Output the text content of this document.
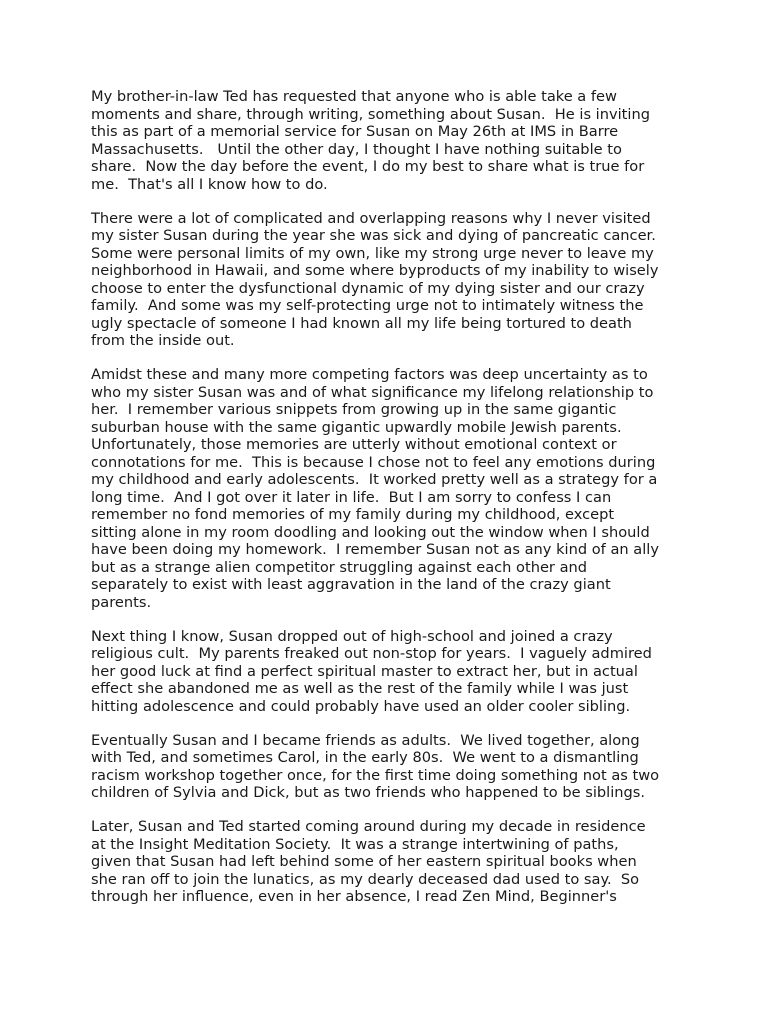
My brother-in-law Ted has requested that anyone who is able take a few
moments and share, through writing, something about Susan.  He is inviting
this as part of a memorial service for Susan on May 26th at IMS in Barre
Massachusetts.   Until the other day, I thought I have nothing suitable to
share.  Now the day before the event, I do my best to share what is true for
me.  That's all I know how to do.

There were a lot of complicated and overlapping reasons why I never visited
my sister Susan during the year she was sick and dying of pancreatic cancer.
Some were personal limits of my own, like my strong urge never to leave my
neighborhood in Hawaii, and some where byproducts of my inability to wisely
choose to enter the dysfunctional dynamic of my dying sister and our crazy
family.  And some was my self-protecting urge not to intimately witness the
ugly spectacle of someone I had known all my life being tortured to death
from the inside out.

Amidst these and many more competing factors was deep uncertainty as to
who my sister Susan was and of what significance my lifelong relationship to
her.  I remember various snippets from growing up in the same gigantic
suburban house with the same gigantic upwardly mobile Jewish parents.
Unfortunately, those memories are utterly without emotional context or
connotations for me.  This is because I chose not to feel any emotions during
my childhood and early adolescents.  It worked pretty well as a strategy for a
long time.  And I got over it later in life.  But I am sorry to confess I can
remember no fond memories of my family during my childhood, except
sitting alone in my room doodling and looking out the window when I should
have been doing my homework.  I remember Susan not as any kind of an ally
but as a strange alien competitor struggling against each other and
separately to exist with least aggravation in the land of the crazy giant
parents.

Next thing I know, Susan dropped out of high-school and joined a crazy
religious cult.  My parents freaked out non-stop for years.  I vaguely admired
her good luck at find a perfect spiritual master to extract her, but in actual
effect she abandoned me as well as the rest of the family while I was just
hitting adolescence and could probably have used an older cooler sibling.

Eventually Susan and I became friends as adults.  We lived together, along
with Ted, and sometimes Carol, in the early 80s.  We went to a dismantling
racism workshop together once, for the first time doing something not as two
children of Sylvia and Dick, but as two friends who happened to be siblings.

Later, Susan and Ted started coming around during my decade in residence
at the Insight Meditation Society.  It was a strange intertwining of paths,
given that Susan had left behind some of her eastern spiritual books when
she ran off to join the lunatics, as my dearly deceased dad used to say.  So
through her influence, even in her absence, I read Zen Mind, Beginner's
